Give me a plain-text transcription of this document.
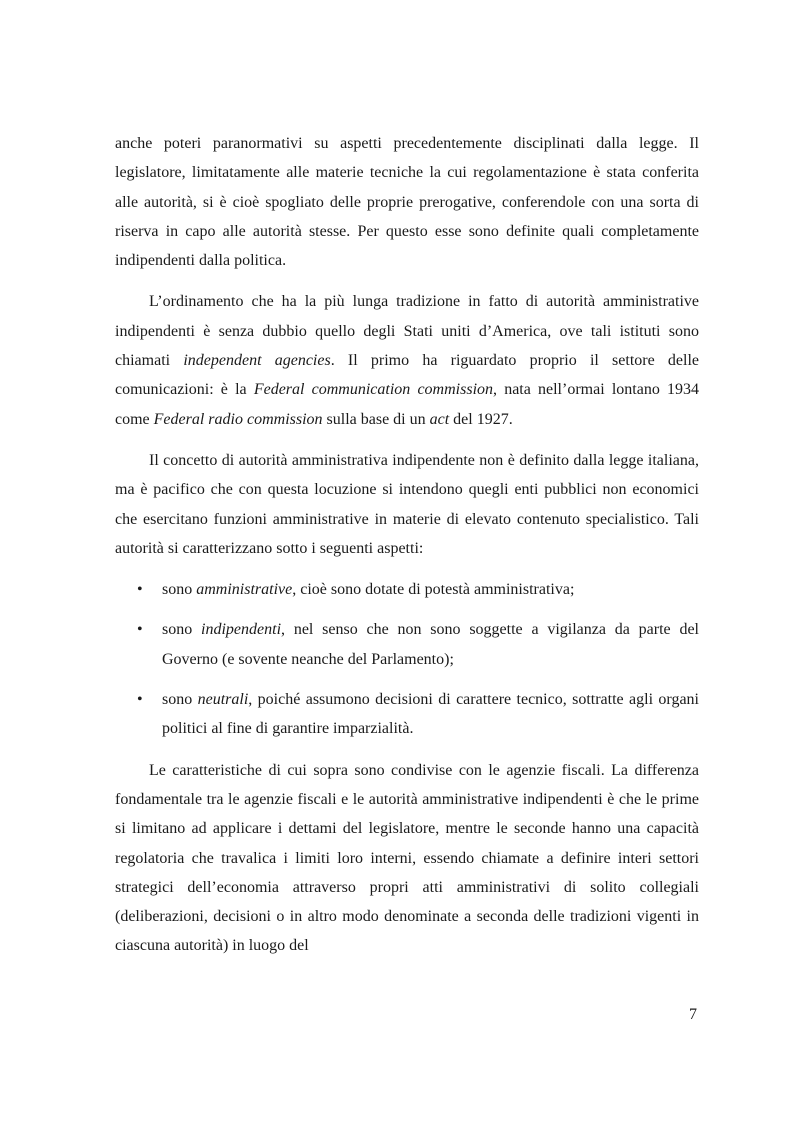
anche poteri paranormativi su aspetti precedentemente disciplinati dalla legge. Il legislatore, limitatamente alle materie tecniche la cui regolamentazione è stata conferita alle autorità, si è cioè spogliato delle proprie prerogative, conferendole con una sorta di riserva in capo alle autorità stesse. Per questo esse sono definite quali completamente indipendenti dalla politica.

L’ordinamento che ha la più lunga tradizione in fatto di autorità amministrative indipendenti è senza dubbio quello degli Stati uniti d’America, ove tali istituti sono chiamati independent agencies. Il primo ha riguardato proprio il settore delle comunicazioni: è la Federal communication commission, nata nell’ormai lontano 1934 come Federal radio commission sulla base di un act del 1927.

Il concetto di autorità amministrativa indipendente non è definito dalla legge italiana, ma è pacifico che con questa locuzione si intendono quegli enti pubblici non economici che esercitano funzioni amministrative in materie di elevato contenuto specialistico. Tali autorità si caratterizzano sotto i seguenti aspetti:

• sono amministrative, cioè sono dotate di potestà amministrativa;
• sono indipendenti, nel senso che non sono soggette a vigilanza da parte del Governo (e sovente neanche del Parlamento);
• sono neutrali, poiché assumono decisioni di carattere tecnico, sottratte agli organi politici al fine di garantire imparzialità.

Le caratteristiche di cui sopra sono condivise con le agenzie fiscali. La differenza fondamentale tra le agenzie fiscali e le autorità amministrative indipendenti è che le prime si limitano ad applicare i dettami del legislatore, mentre le seconde hanno una capacità regolatoria che travalica i limiti loro interni, essendo chiamate a definire interi settori strategici dell’economia attraverso propri atti amministrativi di solito collegiali (deliberazioni, decisioni o in altro modo denominate a seconda delle tradizioni vigenti in ciascuna autorità) in luogo del

7
